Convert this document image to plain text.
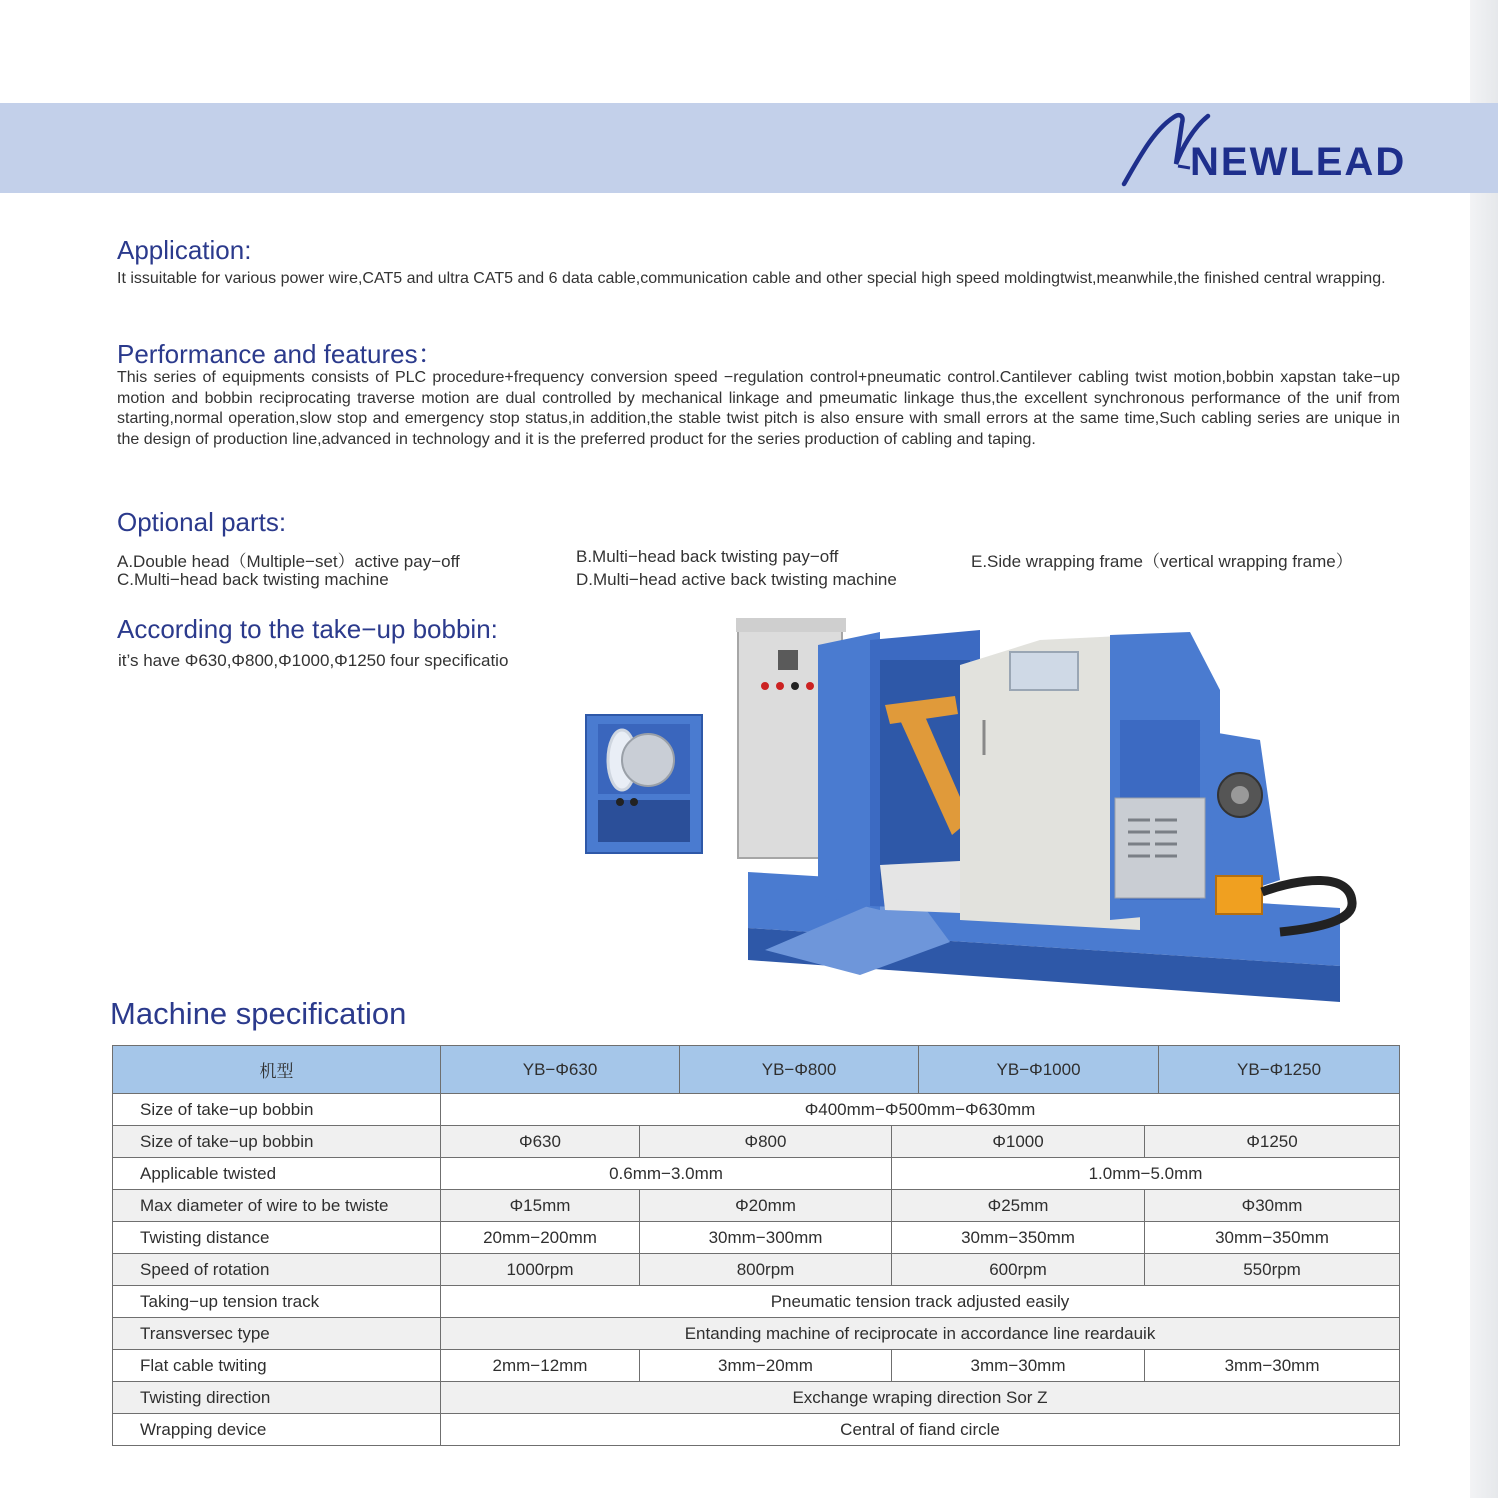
NEWLEAD
Application:

It issuitable for various power wire,CAT5 and ultra CAT5 and 6 data cable,communication cable and other special high speed moldingtwist,meanwhile,the finished central wrapping.

Performance and features：

This series of equipments consists of PLC procedure+frequency conversion speed −regulation control+pneumatic control.Cantilever cabling twist motion,bobbin xapstan take−up motion and bobbin reciprocating traverse motion are dual controlled by mechanical linkage and pmeumatic linkage thus,the excellent synchronous performance of the unif from starting,normal operation,slow stop and emergency stop status,in addition,the stable twist pitch is also ensure with small errors at the same time,Such cabling series are unique in the design of production line,advanced in technology and it is the preferred product for the series production of cabling and taping.

Optional parts:
A.Double head（Multiple−set）active pay−off	B.Multi−head back twisting pay−off	E.Side wrapping frame（vertical wrapping frame）
C.Multi−head back twisting machine	D.Multi−head active back twisting machine
According to the take−up bobbin:
it’s have Φ630,Φ800,Φ1000,Φ1250 four specificatio
Machine specification
机型	YB−Φ630		YB−Φ800		YB−Φ1000		YB−Φ1250
Size of take−up bobbin	Φ400mm−Φ500mm−Φ630mm						
Size of take−up bobbin	Φ630	Φ800		Φ1000		Φ1250	
Applicable twisted	0.6mm−3.0mm			1.0mm−5.0mm			
Max diameter of wire to be twiste	Φ15mm	Φ20mm		Φ25mm		Φ30mm	
Twisting distance	20mm−200mm	30mm−300mm		30mm−350mm		30mm−350mm	
Speed of rotation	1000rpm	800rpm		600rpm		550rpm	
Taking−up tension track	Pneumatic tension track adjusted easily						
Transversec type	Entanding machine of reciprocate in accordance line reardauik						
Flat cable twiting	2mm−12mm	3mm−20mm		3mm−30mm		3mm−30mm	
Twisting direction	Exchange wraping direction Sor Z						
Wrapping device	Central of fiand circle						
